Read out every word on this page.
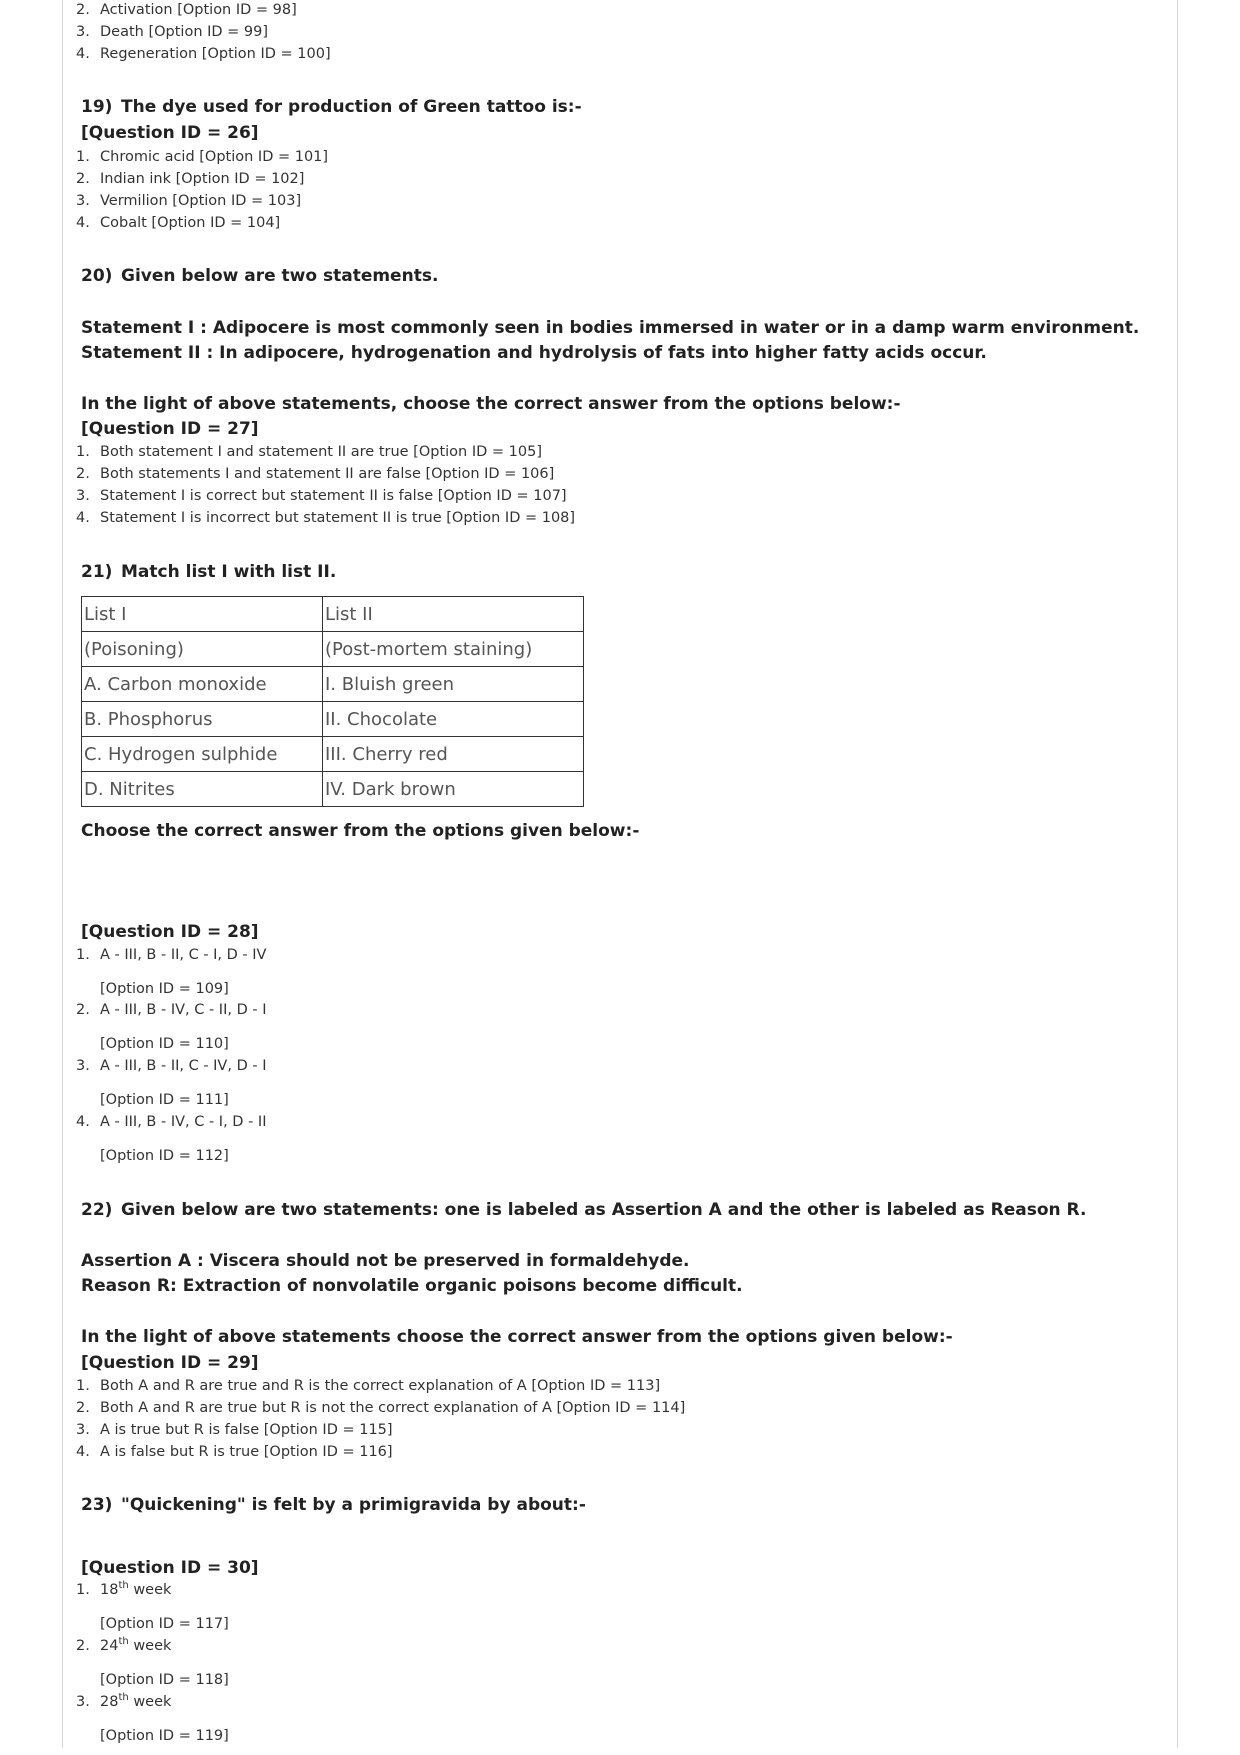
2. Activation [Option ID = 98]
3. Death [Option ID = 99]
4. Regeneration [Option ID = 100]
19) The dye used for production of Green tattoo is:-
[Question ID = 26]
1. Chromic acid [Option ID = 101]
2. Indian ink [Option ID = 102]
3. Vermilion [Option ID = 103]
4. Cobalt [Option ID = 104]
20) Given below are two statements.
Statement I : Adipocere is most commonly seen in bodies immersed in water or in a damp warm environment.
Statement II : In adipocere, hydrogenation and hydrolysis of fats into higher fatty acids occur.
In the light of above statements, choose the correct answer from the options below:-
[Question ID = 27]
1. Both statement I and statement II are true [Option ID = 105]
2. Both statements I and statement II are false [Option ID = 106]
3. Statement I is correct but statement II is false [Option ID = 107]
4. Statement I is incorrect but statement II is true [Option ID = 108]
21) Match list I with list II.
List I	List II
(Poisoning)	(Post-mortem staining)
A. Carbon monoxide	I. Bluish green
B. Phosphorus	II. Chocolate
C. Hydrogen sulphide	III. Cherry red
D. Nitrites	IV. Dark brown
Choose the correct answer from the options given below:-
[Question ID = 28]
1. A - III, B - II, C - I, D - IV
[Option ID = 109]
2. A - III, B - IV, C - II, D - I
[Option ID = 110]
3. A - III, B - II, C - IV, D - I
[Option ID = 111]
4. A - III, B - IV, C - I, D - II
[Option ID = 112]
22) Given below are two statements: one is labeled as Assertion A and the other is labeled as Reason R.
Assertion A : Viscera should not be preserved in formaldehyde.
Reason R: Extraction of nonvolatile organic poisons become difficult.
In the light of above statements choose the correct answer from the options given below:-
[Question ID = 29]
1. Both A and R are true and R is the correct explanation of A [Option ID = 113]
2. Both A and R are true but R is not the correct explanation of A [Option ID = 114]
3. A is true but R is false [Option ID = 115]
4. A is false but R is true [Option ID = 116]
23) "Quickening" is felt by a primigravida by about:-
[Question ID = 30]
1. 18th week
[Option ID = 117]
2. 24th week
[Option ID = 118]
3. 28th week
[Option ID = 119]
